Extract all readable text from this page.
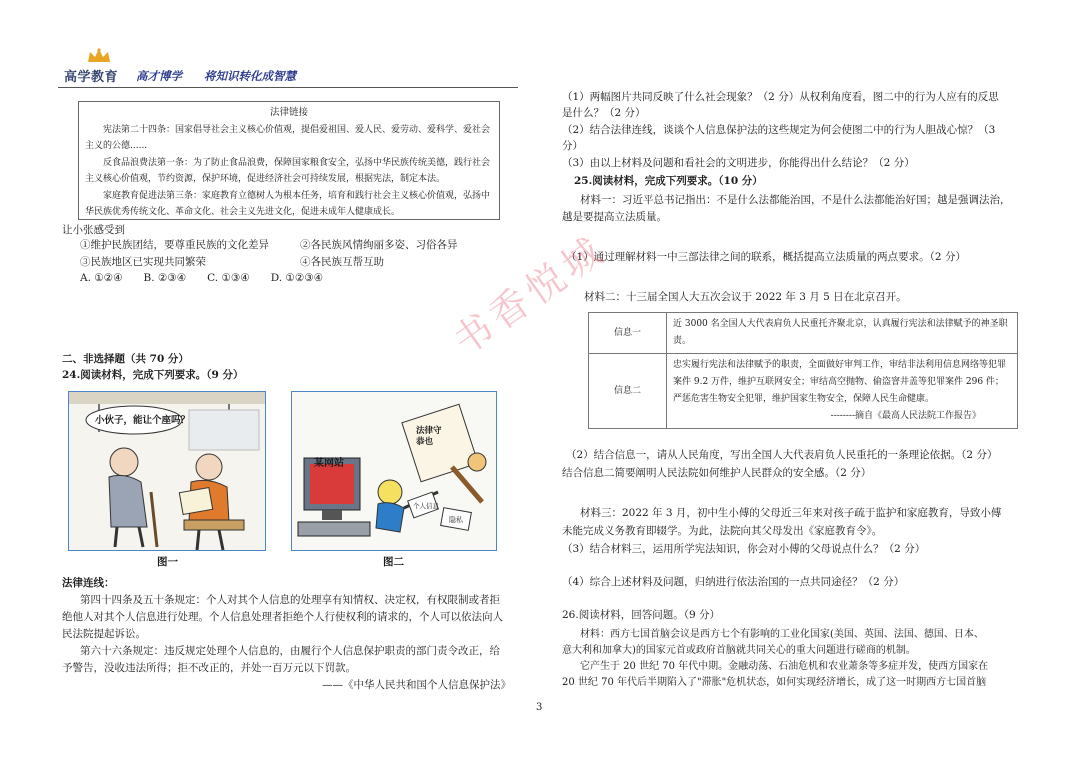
高学教育 高才博学 将知识转化成智慧
法律链接

宪法第二十四条：国家倡导社会主义核心价值观，提倡爱祖国、爱人民、爱劳动、爱科学、爱社会主义的公德......

反食品浪费法第一条：为了防止食品浪费，保障国家粮食安全，弘扬中华民族传统美德，践行社会主义核心价值观，节约资源，保护环境，促进经济社会可持续发展，根据宪法，制定本法。

家庭教育促进法第三条：家庭教育立德树人为根本任务，培育和践行社会主义核心价值观，弘扬中华民族优秀传统文化、革命文化、社会主义先进文化，促进未成年人健康成长。

让小张感受到
①维护民族团结，要尊重民族的文化差异	②各民族风情绚丽多姿、习俗各异
③民族地区已实现共同繁荣	④各民族互帮互助
A. ①②④　　B. ②③④　　C. ①③④　　D. ①②③④
二、非选择题（共 70 分）
24.阅读材料，完成下列要求。（9 分）
小伙子，能让个座吗？
图一
某网站
法律守恭也
个人信息
隐私
图二
法律连线：
第四十四条及五十条规定：个人对其个人信息的处理享有知情权、决定权，有权限制或者拒
绝他人对其个人信息进行处理。个人信息处理者拒绝个人行使权利的请求的，个人可以依法向人
民法院提起诉讼。
第六十六条规定：违反规定处理个人信息的，由履行个人信息保护职责的部门责令改正，给
予警告，没收违法所得；拒不改正的，并处一百万元以下罚款。
——《中华人民共和国个人信息保护法》
（1）两幅图片共同反映了什么社会现象？（2 分）从权利角度看，图二中的行为人应有的反思
是什么？（2 分）
（2）结合法律连线，谈谈个人信息保护法的这些规定为何会使图二中的行为人胆战心惊？（3
分）
（3）由以上材料及问题和看社会的文明进步，你能得出什么结论？（2 分）
25.阅读材料，完成下列要求。（10 分）
材料一：习近平总书记指出：不是什么法都能治国，不是什么法都能治好国；越是强调法治，
越是要提高立法质量。
（1）通过理解材料一中三部法律之间的联系，概括提高立法质量的两点要求。（2 分）
材料二：十三届全国人大五次会议于 2022 年 3 月 5 日在北京召开。
信息一	近 3000 名全国人大代表肩负人民重托齐聚北京，认真履行宪法和法律赋予的神圣职责。
信息二	忠实履行宪法和法律赋予的职责，全面做好审判工作，审结非法利用信息网络等犯罪案件 9.2 万件，维护互联网安全；审结高空抛物、偷盗窨井盖等犯罪案件 296 件；严惩危害生物安全犯罪，维护国家生物安全，保障人民生命健康。
--------摘自《最高人民法院工作报告》
（2）结合信息一，请从人民角度，写出全国人大代表肩负人民重托的一条理论依据。（2 分）
结合信息二简要阐明人民法院如何维护人民群众的安全感。（2 分）
材料三：2022 年 3 月，初中生小傅的父母近三年来对孩子疏于监护和家庭教育，导致小傅
未能完成义务教育即辍学。为此，法院向其父母发出《家庭教育令》。
（3）结合材料三，运用所学宪法知识，你会对小傅的父母说点什么？（2 分）
（4）综合上述材料及问题，归纳进行依法治国的一点共同途径？（2 分）
26.阅读材料，回答问题。（9 分）
材料：西方七国首脑会议是西方七个有影响的工业化国家(美国、英国、法国、德国、日本、
意大利和加拿大)的国家元首或政府首脑就共同关心的重大问题进行磋商的机制。
它产生于 20 世纪 70 年代中期。金融动荡、石油危机和农业萧条等多症并发，使西方国家在
20 世纪 70 年代后半期陷入了"滞胀"危机状态，如何实现经济增长，成了这一时期西方七国首脑
书香悦城
3
